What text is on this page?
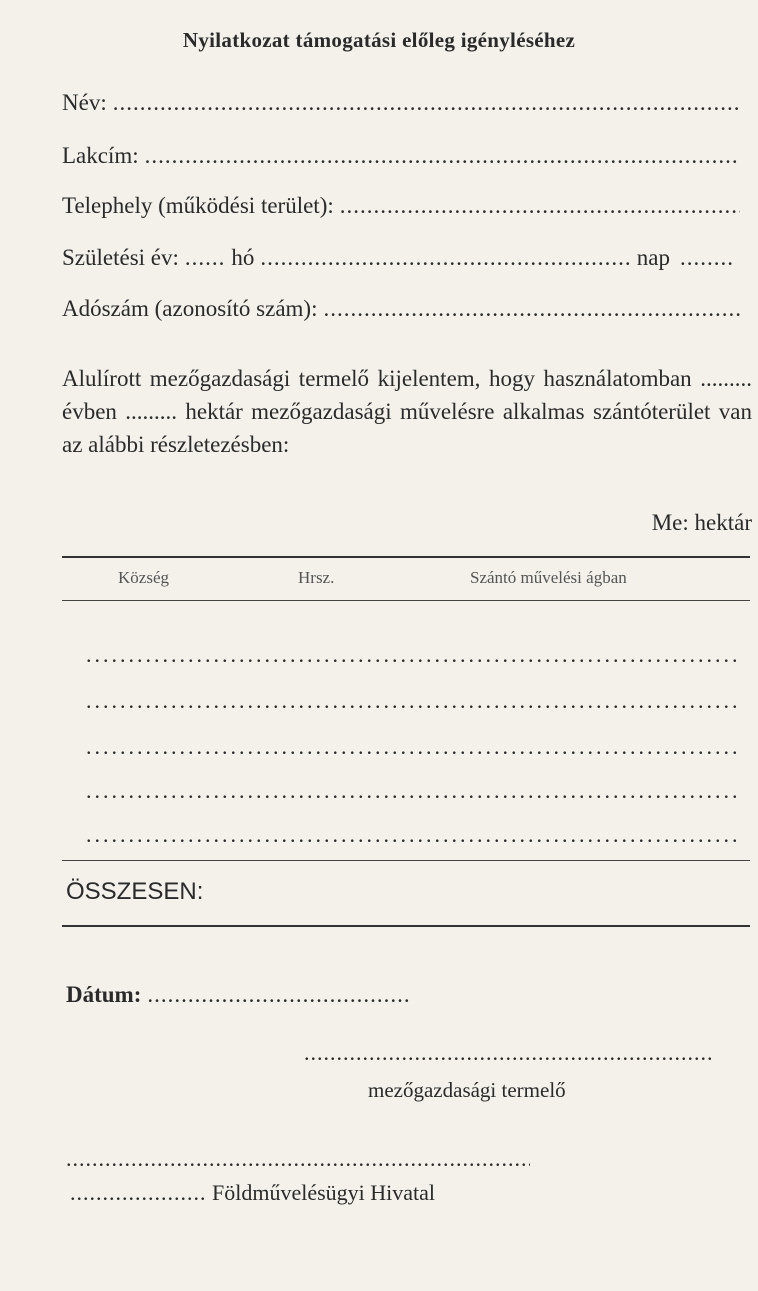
Nyilatkozat támogatási előleg igényléséhez
Név:
.....
Lakcím:
.....
Telephely (működési terület):
.....
Születési év: ...... hó .....	nap
........
Adószám (azonosító szám):
.....
Alulírott mezőgazdasági termelő kijelentem, hogy használatomban ......... évben ......... hektár mezőgazdasági művelésre alkalmas szántóterület van az alábbi részletezésben:
Me: hektár
Község	Hrsz.	Szántó művelési ágban
.....
.....
.....
.....
.....
ÖSSZESEN:
Dátum:
.....
.....
mezőgazdasági termelő
.....
.....
Földművelésügyi Hivatal
